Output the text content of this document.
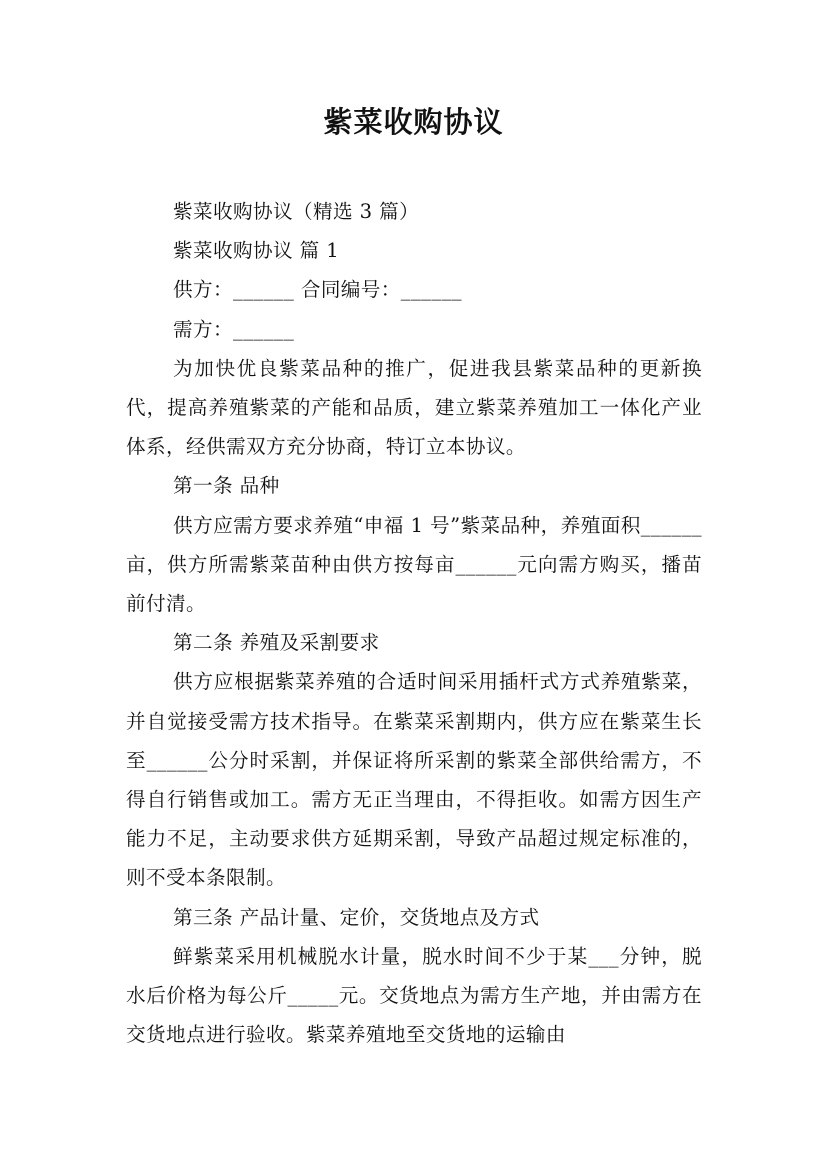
紫菜收购协议

紫菜收购协议（精选 3 篇）

紫菜收购协议 篇 1

供方：______ 合同编号：______

需方：______

为加快优良紫菜品种的推广，促进我县紫菜品种的更新换代，提高养殖紫菜的产能和品质，建立紫菜养殖加工一体化产业体系，经供需双方充分协商，特订立本协议。

第一条 品种

供方应需方要求养殖“申福 1 号”紫菜品种，养殖面积______亩，供方所需紫菜苗种由供方按每亩______元向需方购买，播苗前付清。

第二条 养殖及采割要求

供方应根据紫菜养殖的合适时间采用插杆式方式养殖紫菜，并自觉接受需方技术指导。在紫菜采割期内，供方应在紫菜生长至______公分时采割，并保证将所采割的紫菜全部供给需方，不得自行销售或加工。需方无正当理由，不得拒收。如需方因生产能力不足，主动要求供方延期采割，导致产品超过规定标准的，则不受本条限制。

第三条 产品计量、定价，交货地点及方式

鲜紫菜采用机械脱水计量，脱水时间不少于某___分钟，脱水后价格为每公斤_____元。交货地点为需方生产地，并由需方在交货地点进行验收。紫菜养殖地至交货地的运输由
